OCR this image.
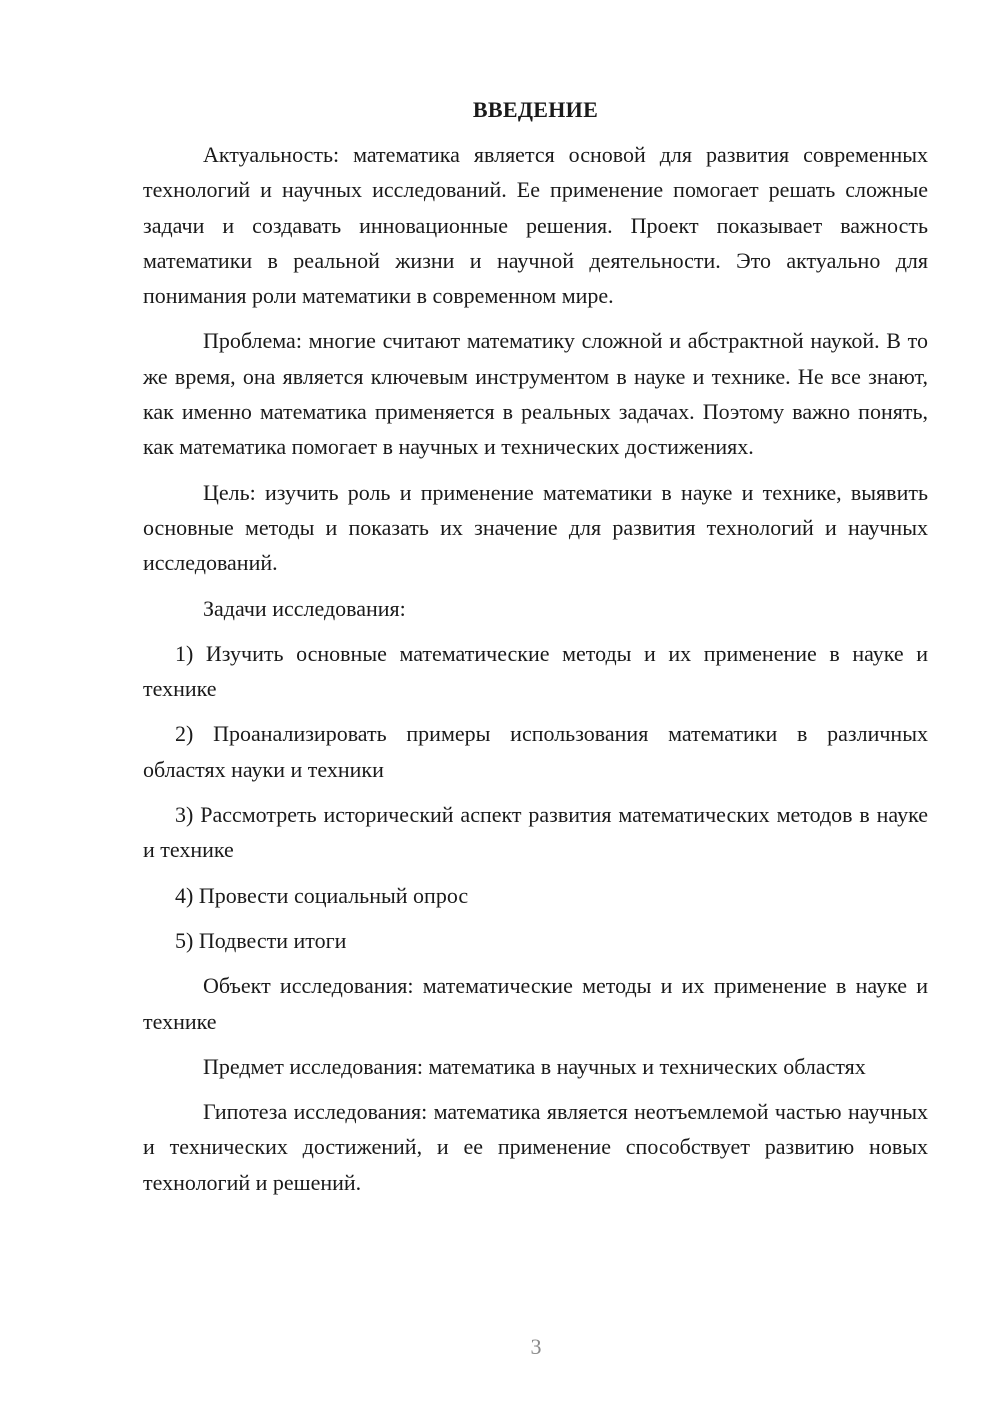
ВВЕДЕНИЕ

Актуальность: математика является основой для развития современных технологий и научных исследований. Ее применение помогает решать сложные задачи и создавать инновационные решения. Проект показывает важность математики в реальной жизни и научной деятельности. Это актуально для понимания роли математики в современном мире.

Проблема: многие считают математику сложной и абстрактной наукой. В то же время, она является ключевым инструментом в науке и технике. Не все знают, как именно математика применяется в реальных задачах. Поэтому важно понять, как математика помогает в научных и технических достижениях.

Цель: изучить роль и применение математики в науке и технике, выявить основные методы и показать их значение для развития технологий и научных исследований.

Задачи исследования:

1) Изучить основные математические методы и их применение в науке и технике

2) Проанализировать примеры использования математики в различных областях науки и техники

3) Рассмотреть исторический аспект развития математических методов в науке и технике

4) Провести социальный опрос

5) Подвести итоги

Объект исследования: математические методы и их применение в науке и технике

Предмет исследования: математика в научных и технических областях

Гипотеза исследования: математика является неотъемлемой частью научных и технических достижений, и ее применение способствует развитию новых технологий и решений.

3
